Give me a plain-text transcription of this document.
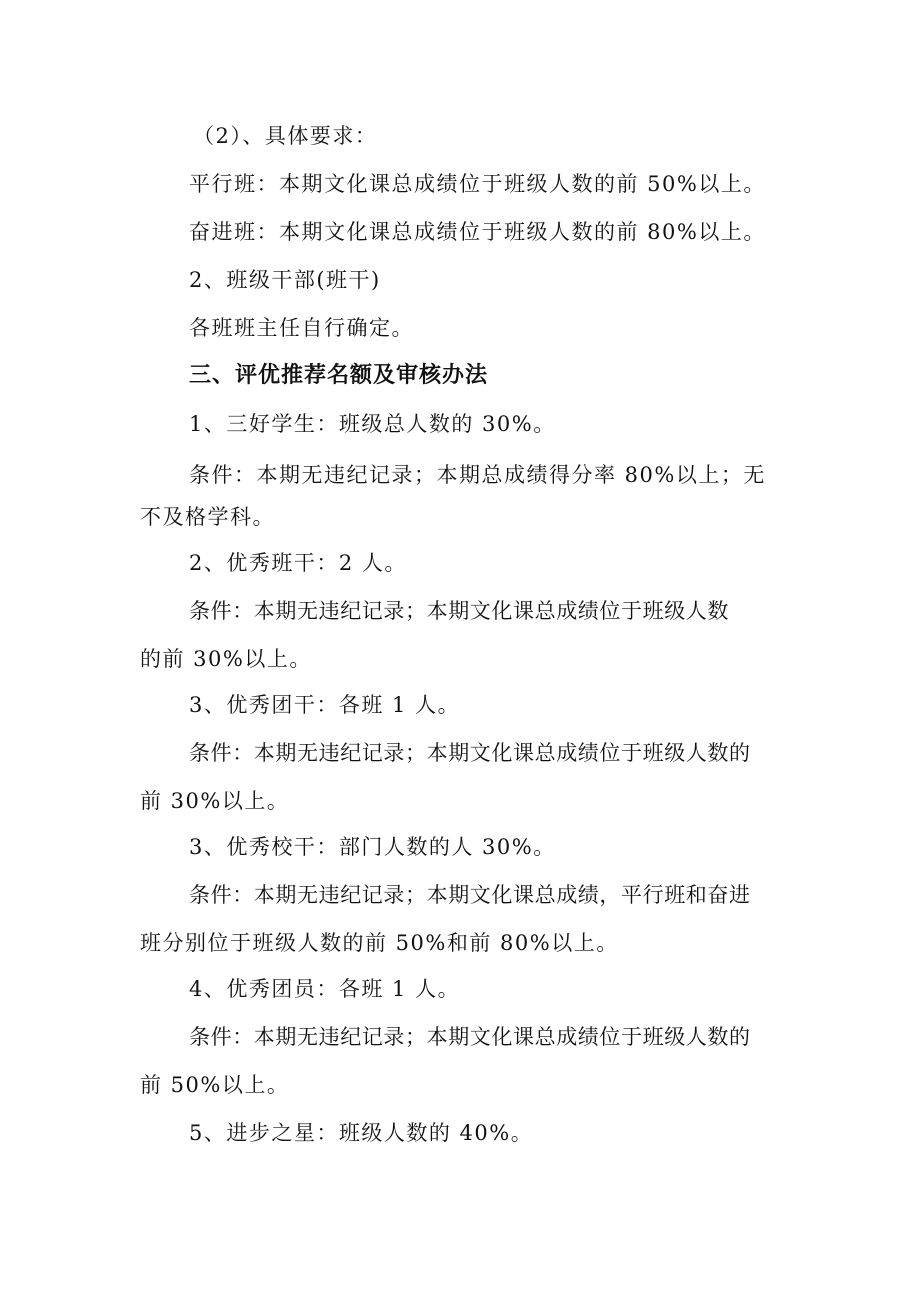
（2）、具体要求：
平行班：本期文化课总成绩位于班级人数的前 50%以上。
奋进班：本期文化课总成绩位于班级人数的前 80%以上。
2、班级干部(班干)
各班班主任自行确定。
三、评优推荐名额及审核办法
1、三好学生：班级总人数的 30%。
条件：本期无违纪记录；本期总成绩得分率 80%以上；无
不及格学科。
2、优秀班干：2 人。
条件：本期无违纪记录；本期文化课总成绩位于班级人数
的前 30%以上。
3、优秀团干：各班 1 人。
条件：本期无违纪记录；本期文化课总成绩位于班级人数的
前 30%以上。
3、优秀校干：部门人数的人 30%。
条件：本期无违纪记录；本期文化课总成绩，平行班和奋进
班分别位于班级人数的前 50%和前 80%以上。
4、优秀团员：各班 1 人。
条件：本期无违纪记录；本期文化课总成绩位于班级人数的
前 50%以上。
5、进步之星：班级人数的 40%。
